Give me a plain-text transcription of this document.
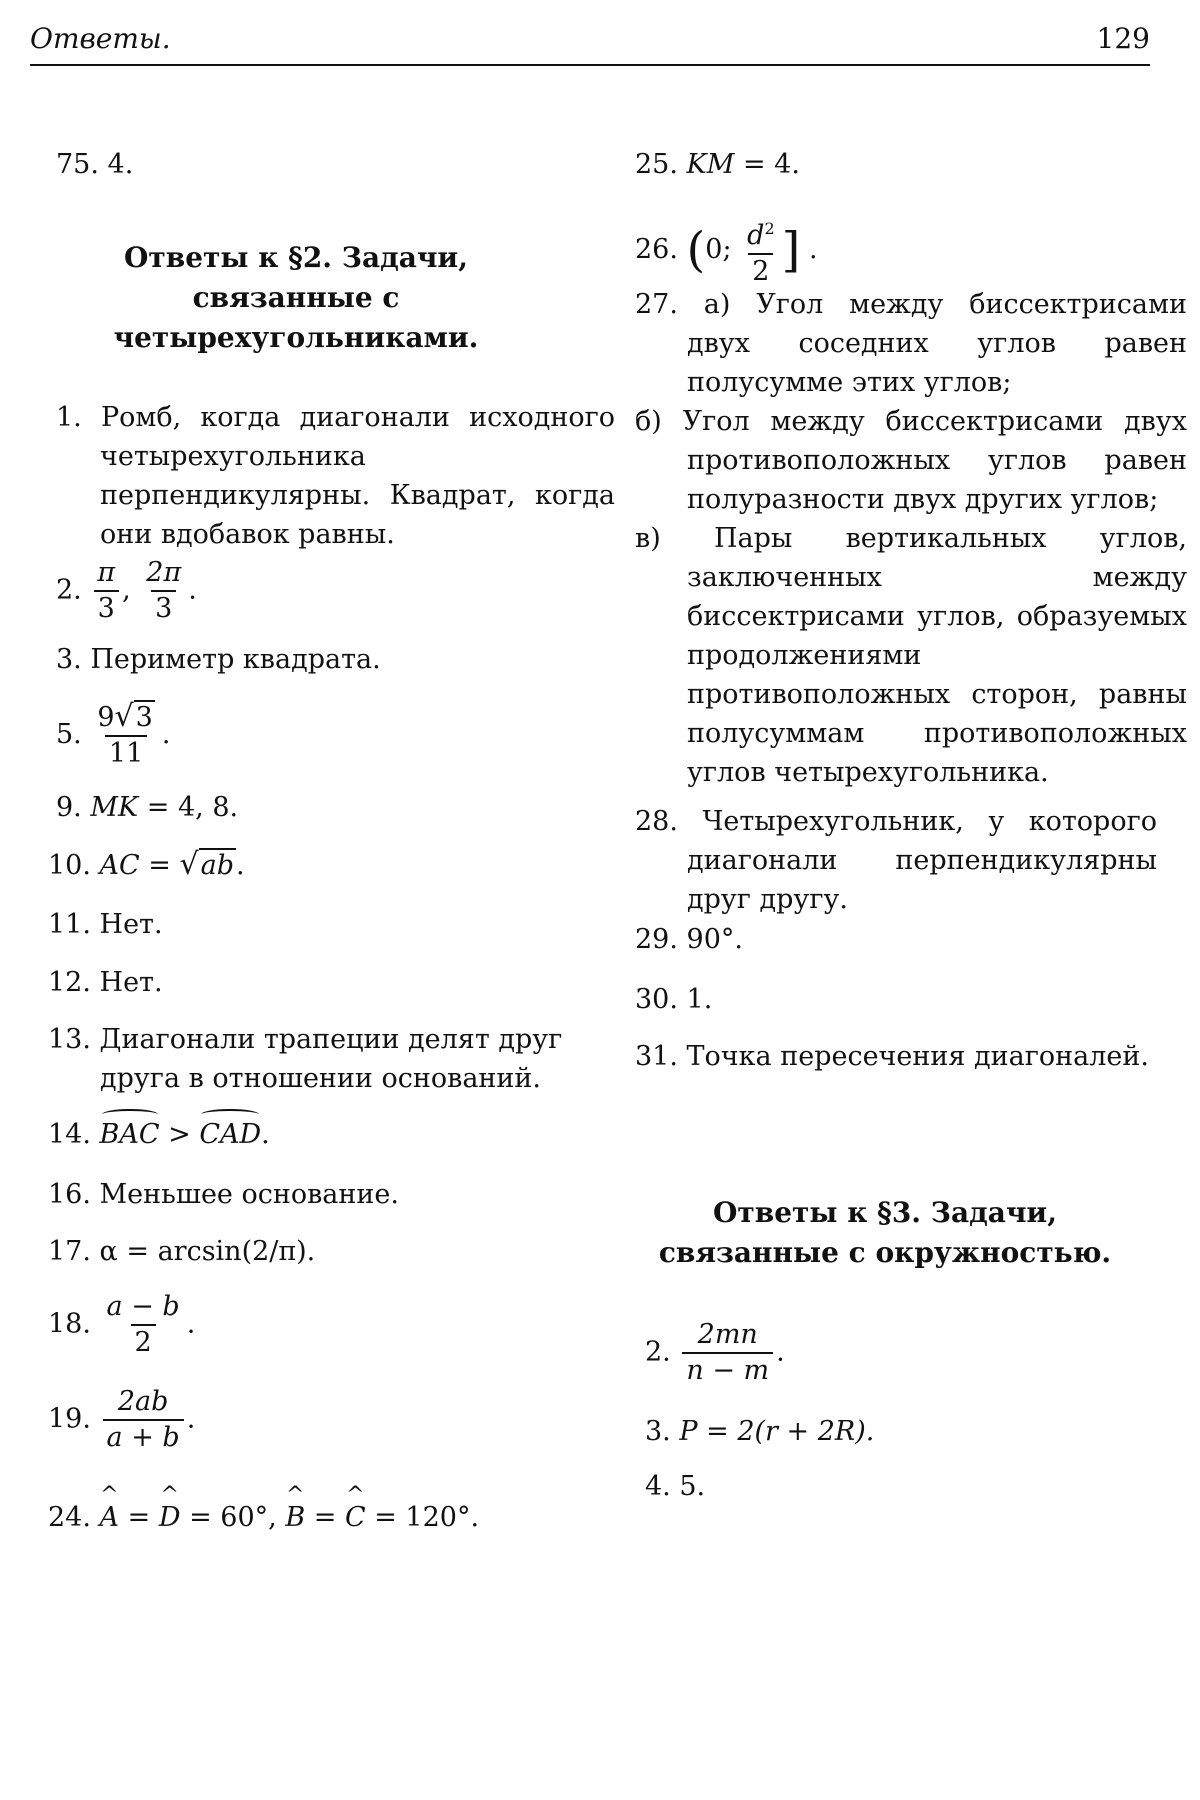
Ответы.	129
75. 4.
Ответы к §2. Задачи,
связанные с
четырехугольниками.
1. Ромб, когда диагонали исходного четырехугольника перпендикулярны. Квадрат, когда они вдобавок равны.
2. $\frac{\pi}{3}$ , $\frac{2\pi}{3}$ .
3. Периметр квадрата.
5. $\frac{9√3}{11}$ .
9. MK = 4, 8.
10. AC = √ab.
11. Нет.
12. Нет.
13. Диагонали трапеции делят друг друга в отношении оснований.
14. BAC > CAD.
16. Меньшее основание.
17. α = arcsin(2/π).
18. $\frac{a - b}{2}$ .
19. $\frac{2ab}{a + b}$ .
24. ^ A = ^ D = 60°, ^ B = ^ C = 120°.
25. KM = 4.
26. (0; $\frac{d^2}{2}$ ] .
27. а) Угол между биссектрисами двух соседних углов равен полусумме этих углов;
б) Угол между биссектрисами двух противоположных углов равен полуразности двух других углов;
в) Пары вертикальных углов, заключенных между биссектрисами углов, образуемых продолжениями противоположных сторон, равны полусуммам противоположных углов четырехугольника.
28. Четырехугольник, у которого диагонали перпендикулярны друг другу.
29. 90°.
30. 1.
31. Точка пересечения диагоналей.
Ответы к §3. Задачи,
связанные с окружностью.
2. $\frac{2mn}{n - m}$ .
3. P = 2(r + 2R).
4. 5.
